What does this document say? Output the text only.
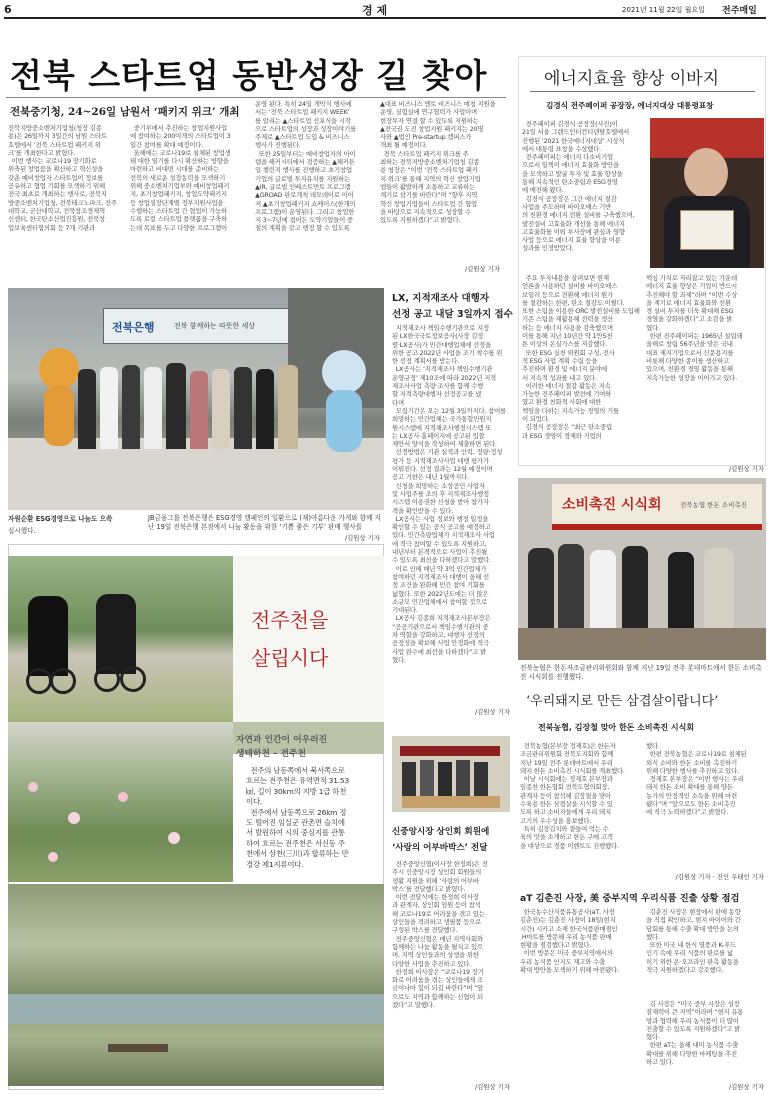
6	경 제	2021년 11월 22일 월요일 전주매일
전북 스타트업 동반성장 길 찾아
전북중기청, 24~26일 남원서 ‘패키지 위크’ 개최
전북지방중소벤처기업청(청장 김종
용)은 26일까지 3일간의 남원 스타트
호텔에서 ‘전북 스타트업 패키지 위
크’를 개최한다고 밝혔다.
이번 행사는 코로나19 장기화로
위축된 창업붐을 확산하고 혁신성을
갖춘 예비창업자 스타트업이 정보를
공유하고 협업 기회를 모색하기 위해
전국 최초로 개최하는 행사로, 전북지
방중소벤처기업청, 전북테크노파크, 전주
대학교, 군산대학교, 전북창조경제혁
신센터, 한국탄소산업진흥원, 전북창
업보육센터협의회 등 7개 기관과
중기부에서 추진하는 창업지원사업
에 참여하는 200여개의 스타트업이 3
일간 참여를 확대 예정이다.
올해에는 코로나19로 침체된 창업생
태 대한 열기를 다시 확산하는 방향을
마련하고 비대면 시대를 준비하는
전북의 새로운 성장동력을 모색하기
위해 중소벤처기업부와 예비창업패키
지, 초기창업패키지, 창업도약패키지
등 창업성장단계별 정부지원사업을
수행하는 스타트업 간 협업이 가능하
도록 로컬 스타트업 플랫폼을 구축하
는데 목표를 두고 다양한 프로그램이
운영 된다. 특히 24일 개막식 행사에
서는 ‘전북 스타트업 패키지 WEEK’
를 알리는 ▲스타트업 선포식을 시작
으로 스타트업의 성장과 성장이야기를
주제로 ▲스타트업 도입 & 비즈니스
행사가 진행된다.
또한 25일부터는 예비창업자의 아이
템을 해커시티에서 검증하는 ▲해커톤
일 챌린지 행사를 진행하고 초기창업
기업의 글로벌 투자유치를 지원하는
▲IR, 글로벌 인베스트먼트 프로그램
▲GROAD 판로개척 데모데이로 이어
져 ▲초기창업패키지 쇼케이스(한개의
프로그램)이 운영된다. 그리고 창업한
지 3~7년에 접어든 도약기업들이 중
점의 계획을 갖고 행정 할 수 있도록
▲대표 비즈니스 멘토 비즈니스 매칭 지원을
운영, 실험실에 연구협력가 사업이며
현장투자 연결 할 수 있도록 지원하는
▲전국권 도전 창업지원 패키지는 20명
사와 ▲법인 Pre-startup 캠퍼스가
개최 될 예정이다.
전북 스타트업 패키지 위크를 주
최하는 전북지방중소벤처기업청 김종
용 청장은 “이번 ‘전북 스타트업 패키
지 위크’를 통해 지역의 혁신 창업기업
앱들이 활발하게 소통하고 교류하는
계기로 삼기를 바란다”며 “향후 지역
혁신 창업기업들이 스타트업 간 협업
을 바탕으로 지속적으로 성장할 수
있도록 지원하겠다”고 밝혔다.
/김원상 기자
전북은행	전북 함께하는 따뜻한 세상
자원순환 ESG경영으로 나눔도 으쓱
실시했다.
JB금융그룹 전북은행은 ESG경영 캠페인의 일환으로 (재)아름다운 가게와 함께 지난 19일 전북은행 본점에서 나눔 활동을 위한 ‘기쁨 좋은 기부’ 판매 행사를
/김원상 기자
LX, 지적재조사 대행자
선정 공고 내달 3일까지 접수
지적재조사 책임수행기관으로 지정
된 LX한국국토정보공사(사장 김정
렬·LX공사)가 민간대행업체에 선정을
위한 공고 2022년 사업을 조기 착수를 위
한 선정 계획서를 받는다.
LX공사는 ‘지적재조사 책임수행기관
운영규정’ 제10조에 따라 2022년 지적
재조사사업 측량·조사를 함께 수행
할 지적측량대행자 선정공고를 냈
다며
모집기간은 오는 12월 3일까지다. 참여를
희망하는 민간업체는 국가통합민원지
원시스템에 지적재조사행정시스템 또
는 LX공사 홈페이지에 공고된 입찰
제안서 양식을 작성하여 제출하면 된다.
선정방법은 기관 실적과 인력, 정량·정성
평가 등 지적재조사사업 대행 평가가
이뤄진다. 선정 결과는 12월 예정이며
공고 기한은 내년 1월까지다.
신청을 희망하는 소상공인 사업자
및 사업주를 조의 후 지적재조사행정
시스템 이용권한 신청을 받아 참가자
격을 확인받을 수 있다.
LX공사는 사업 정보와 행정 일정을
확인할 수 있는 공식 공고를 예정하고
있다. 민간측량업체가 지적재조사 사업
에 적극 참여할 수 있도록 지원하고,
내년부터 본격적으로 사업이 추진될
수 있도록 최선을 다하겠다고 말했다.
이로 인해 매년 약 3억 민간업체가
참여하던 지적재조사 대행이 올해 선
정 조건을 완화해 민간 참여 기회를
넓혔다. 또한 2022년도에는 더 많은
소규모 민간업체에서 참여할 것으로
기대된다.
LX공사 김종희 지적재조사본부장은
“공공기관으로서 책임수행기관의 중
차 역할을 강화하고, 대행자 선정의
공정성을 확보해 사업 안정화에 적극
사업 완수에 최선을 다하겠다”고 밝
혔다.
/김원상 기자
에너지효율 향상 이바지
김경식 전주페이퍼 공장장, 에너지대상 대통령표창
전주페이퍼 김경식 공장장(사진)이
21일 서울 그랜드인터컨티넨탈호텔에서
진행된 ‘2021 한국에너지대상’ 시상식
에서 대통령 표창을 수상했다.
전주페이퍼는 에너지 다소비기업
으로서 일찍이 에너지 효율화 방안을
을 모색하고 발굴 투자 및 효율 향상을
통해 지속적인 탄소중립과 ESG경영
에 매진해 왔다.
김경식 공장장은 그간 에너지 절감
사업을 주도하며 바이오매스 기반
의 친환경 에너지 전환 설비를 구축했으며,
발전설비 고효율화 개선을 통해 에너지
고효율화를 이뤄 부사장에 관심과 영향
사업 등으로 에너지 효율 향상을 이룬
성과를 인정받았다.
주요 투자내용을 살펴보면 현재
언론을 사용하던 설비를 바이오매스
보일러 등으로 전환해 에너지 원가
를 절감하는 한편, 탄소 절감도 이뤘다.
또한 스팀을 이용한 ORC 발전설비를 도입해
기존 스팀을 재활용해 전력을 생산
하는 등 에너지 사용을 감축했으며
이를 통해 지난 10년간 약 1만5천
톤 이상의 온실가스를 저감했다.
또한 ESG 실천 위원회 구성, 전사
적 ESG 사업 계획 수립 등을
추진하며 환경 및 에너지 분야에
서 지속적 성과를 내고 있다.
이러한 에너지 절감 활동은 지속
가능한 전주페이퍼 발전에 기여하
였고 환경 친화적 사회에 대한
책임을 다하는 지속가능 경영의 기틀
이 되었다.
김경식 공장장은 “최근 탄소중립
과 ESG 경영이 경제와 기업의
핵심 가치로 자리잡고 있는 가운데
에너지 효율 향상은 기업이 반드시
추진해야 할 과제”라며 “이번 수상
을 계기로 에너지 효율화와 친환
경 설비 투자를 더욱 확대해 ESG
경영을 강화하겠다”고 소감을 밝
혔다.
한편 전주페이퍼는 1965년 설립돼
올해로 창립 56주년을 맞은 국내
대표 제지기업으로서 신문용지를
비롯해 다양한 종이를 생산하고
있으며, 친환경 경영 활동을 통해
지속가능한 성장을 이어가고 있다.
/김원상 기자
소비촉진 시식회	전북농협 한돈 소비촉진
전북농협은 한돈자조금관리위원회와 함께 지난 19일 전주 롯데마트에서 한돈 소비촉진 시식회를 진행했다.
‘우리돼지로 만든 삼겹살이랍니다’
전북농협, 김장철 맞아 한돈 소비촉진 시식회
전북농협(본부장 정재호)은 한돈자
조금관리위원회 전북도지회와 함께
지난 19일 전주 롯데마트에서 우리
돼지 한돈 소비촉진 시식회를 개최했다.
이날 시식회에는 정재호 본부장과
임종찬 한돈협회 전북도협의회장,
관계자 등이 참석해 김장철을 맞아
수육용 한돈 삼겹살을 시식할 수 있
도록 하고 소비자들에게 우리 돼지
고기의 우수성을 홍보했다.
특히 김장김치와 곁들여 먹는 수
육의 맛을 소개하고 한돈 구매 고객
을 대상으로 경품 이벤트도 진행했다.
했다.
한편 전북농협은 코로나19로 침체된
외식 소비와 한돈 소비를 촉진하기
위해 다양한 행사를 추진하고 있다.
정재호 본부장은 “이번 행사는 우리
돼지 한돈 소비 확대를 통해 양돈
농가의 안정적인 소득을 위해 마련
됐다”며 “앞으로도 한돈 소비촉진
에 적극 노력하겠다”고 밝혔다.
/김원상 기자 · 진인 우태인 기자
전주천을
살립시다
자연과 인간이 어우러진
생태하천 – 전주천
전주의 남동쪽에서 북서쪽으로
흐르는 전주천은 유역면적 31.53
㎢, 길이 30km의 지방 1급 하천
이다.
전주에서 남동쪽으로 26km 정
도 떨어진 임실군 관촌면 슬치에
서 발원하여 시의 중심지를 관통
하여 흐르는 전주천은 서신동 주
천에서 삼천(三川)과 합류하는 만
경강 제1지류이다.
신중앙시장 상인회 회원에
‘사랑의 어부바박스’ 전달
전주중앙신협(이사장 한정희)은 전
주시 신중앙시장 상인회 회원들의
생활 지원을 위해 ‘사랑의 어부바
박스’를 전달했다고 밝혔다.
이번 전달식에는 한정희 이사장
과 관계자, 상인회 임원 등이 참석
해 코로나19로 어려움을 겪고 있는
상인들을 격려하고 생필품 등으로
구성된 박스를 전달했다.
전주중앙신협은 매년 지역사회와
함께하는 나눔 활동을 펼치고 있으
며, 지역 상인들과의 상생을 위한
다양한 사업을 추진하고 있다.
한정희 이사장은 “코로나19 장기
화로 어려움을 겪는 상인들에게 조
금이나마 힘이 되길 바란다”며 “앞
으로도 지역과 함께하는 신협이 되
겠다”고 말했다.
/김원상 기자
aT 김춘진 사장, 美 중부지역 우리식품 진출 상황 점검
한국농수산식품유통공사(aT, 사장
김춘진)는 김춘진 사장이 18일(현지
시간) 시카고 소재 한국식품판매점인
H마트를 방문해 우리 농식품 판매
현황을 점검했다고 밝혔다.
이번 방문은 미국 중부지역에서의
우리 농식품 인지도 제고와 수출
확대 방안을 모색하기 위해 마련됐다.
김춘진 사장은 현장에서 판매 동향
을 직접 확인하고, 현지 바이어와 간
담회를 통해 수출 확대 방안을 논의
했다.
또한 미국 내 한식 열풍과 K-푸드
인기 속에 우리 식품의 판로를 넓
히기 위한 온·오프라인 판촉 활동을
적극 지원하겠다고 강조했다.
김 사장은 “미국 중부 시장은 성장
잠재력이 큰 지역”이라며 “현지 유통
망과 협력해 우리 농식품이 더 많이
진출할 수 있도록 지원하겠다”고 밝
혔다.
한편 aT는 올해 대미 농식품 수출
확대를 위해 다양한 마케팅을 추진
하고 있다.
/김원상 기자
